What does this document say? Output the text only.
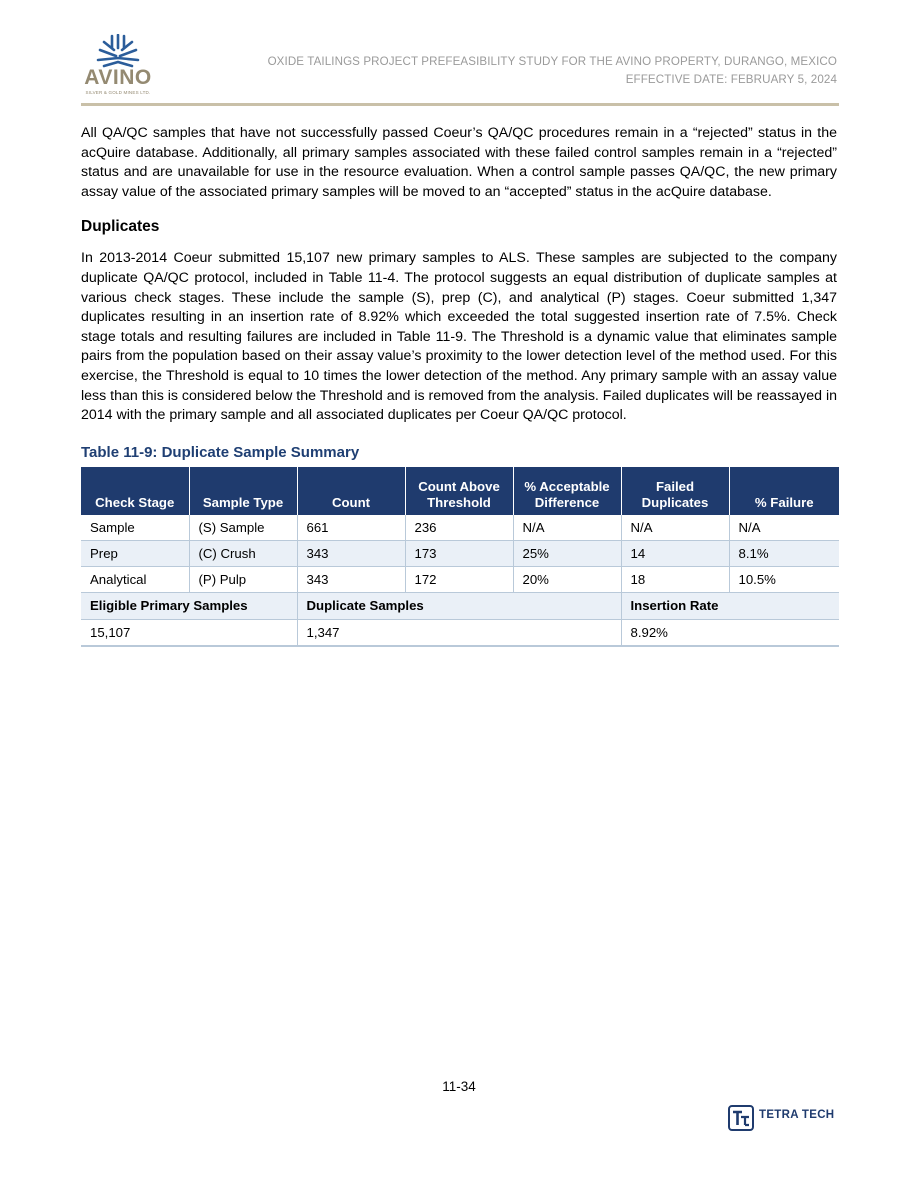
AVINO
SILVER & GOLD MINES LTD.
OXIDE TAILINGS PROJECT PREFEASIBILITY STUDY FOR THE AVINO PROPERTY, DURANGO, MEXICO
EFFECTIVE DATE: FEBRUARY 5, 2024

All QA/QC samples that have not successfully passed Coeur’s QA/QC procedures remain in a “rejected” status in the acQuire database. Additionally, all primary samples associated with these failed control samples remain in a “rejected” status and are unavailable for use in the resource evaluation. When a control sample passes QA/QC, the new primary assay value of the associated primary samples will be moved to an “accepted” status in the acQuire database.

Duplicates

In 2013-2014 Coeur submitted 15,107 new primary samples to ALS. These samples are subjected to the company duplicate QA/QC protocol, included in Table 11-4. The protocol suggests an equal distribution of duplicate samples at various check stages. These include the sample (S), prep (C), and analytical (P) stages. Coeur submitted 1,347 duplicates resulting in an insertion rate of 8.92% which exceeded the total suggested insertion rate of 7.5%. Check stage totals and resulting failures are included in Table 11-9. The Threshold is a dynamic value that eliminates sample pairs from the population based on their assay value’s proximity to the lower detection level of the method used. For this exercise, the Threshold is equal to 10 times the lower detection of the method. Any primary sample with an assay value less than this is considered below the Threshold and is removed from the analysis. Failed duplicates will be reassayed in 2014 with the primary sample and all associated duplicates per Coeur QA/QC protocol.

Table 11-9: Duplicate Sample Summary
Check Stage	Sample Type	Count	Count Above Threshold	% Acceptable Difference	Failed Duplicates	% Failure
Sample	(S) Sample	661	236	N/A	N/A	N/A
Prep	(C) Crush	343	173	25%	14	8.1%
Analytical	(P) Pulp	343	172	20%	18	10.5%
Eligible Primary Samples		Duplicate Samples			Insertion Rate	
15,107		1,347			8.92%	
11-34
TETRA TECH
